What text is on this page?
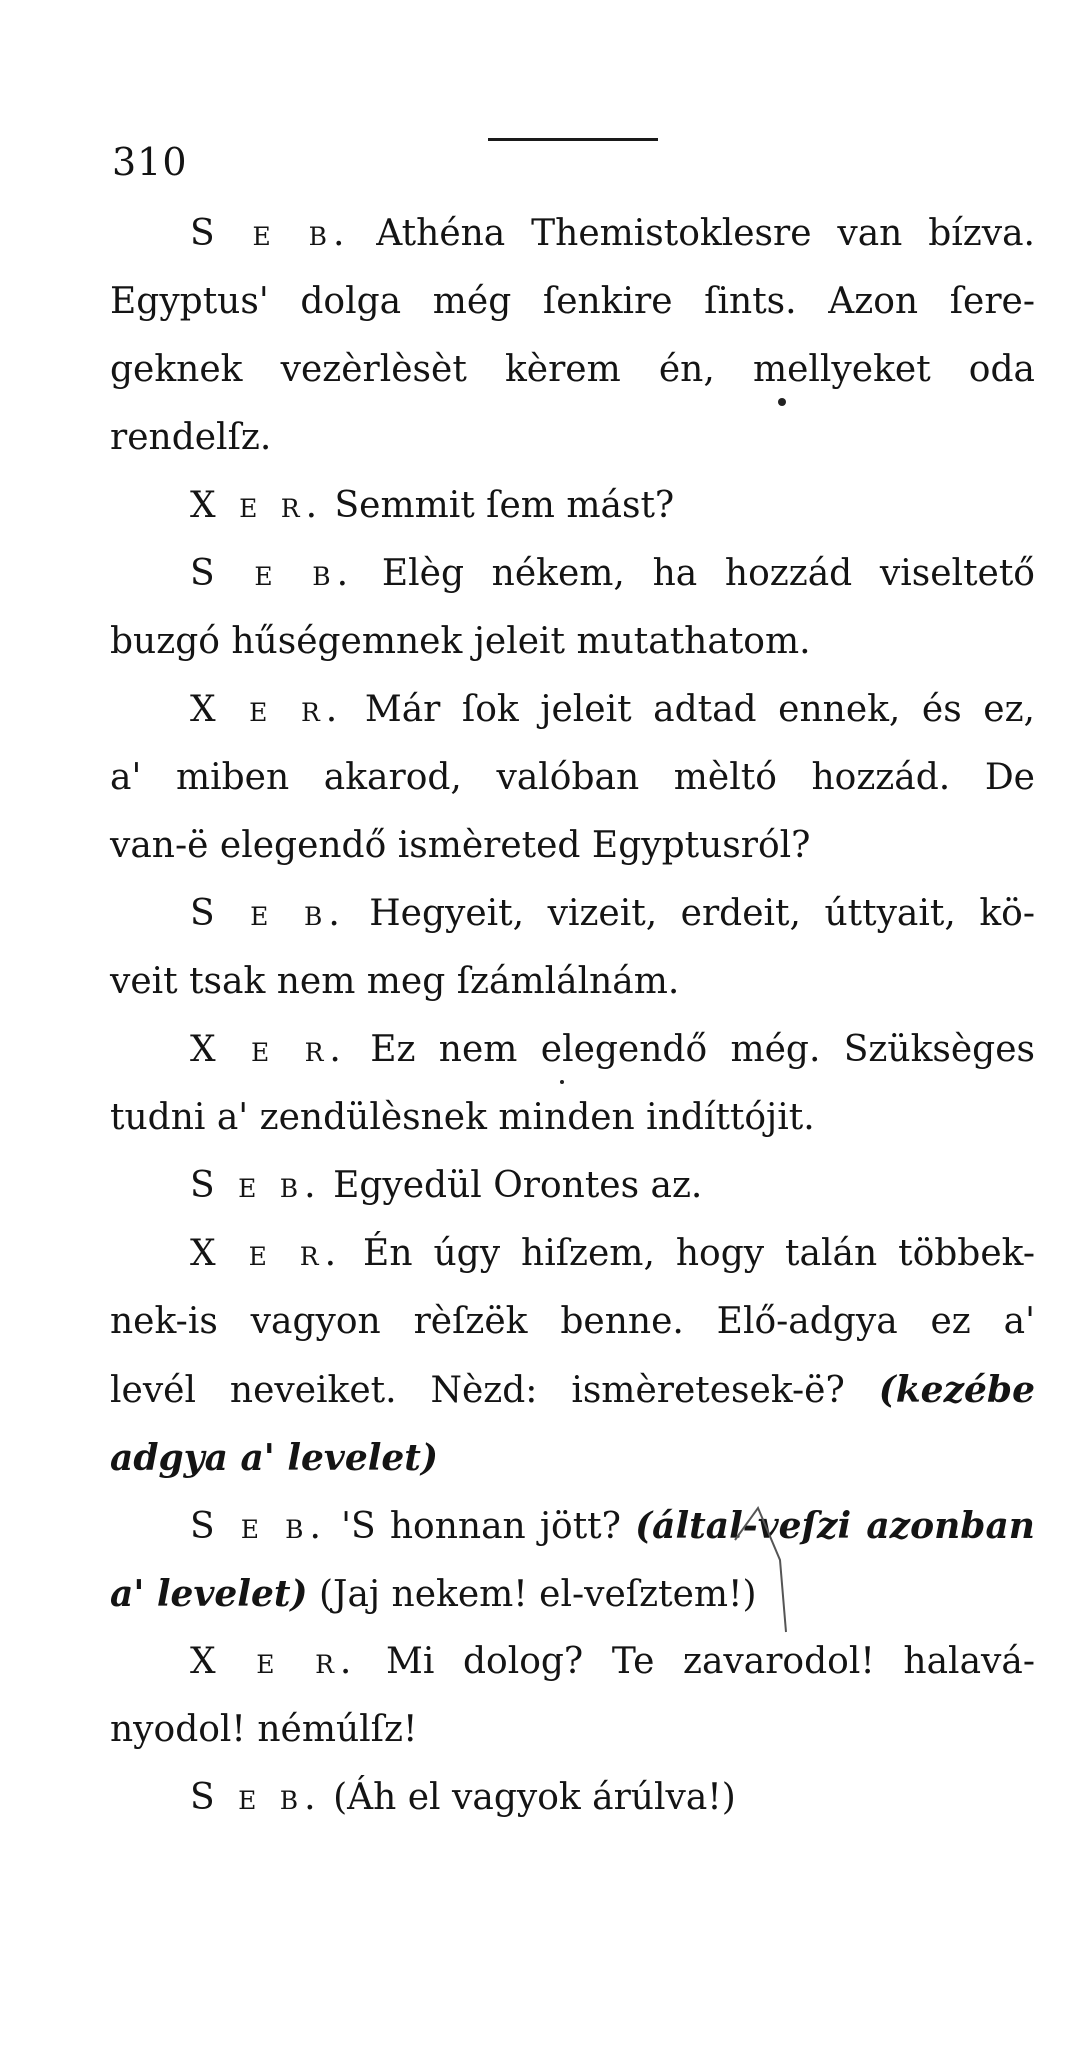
310
S e b. Athéna Themistoklesre van bízva.
Egyptus' dolga még ſenkire ſints. Azon ſere-
geknek vezèrlèsèt kèrem én, mellyeket oda
rendelſz.
X e r. Semmit ſem mást?
S e b. Elèg nékem, ha hozzád viseltető
buzgó hűségemnek jeleit mutathatom.
X e r. Már ſok jeleit adtad ennek, és ez,
a' miben akarod, valóban mèltó hozzád. De
van-ë elegendő ismèreted Egyptusról?
S e b. Hegyeit, vizeit, erdeit, úttyait, kö-
veit tsak nem meg ſzámlálnám.
X e r. Ez nem elegendő még. Szüksèges
tudni a' zendülèsnek minden indíttójit.
S e b. Egyedül Orontes az.
X e r. Én úgy hiſzem, hogy talán többek-
nek-is vagyon rèſzëk benne. Elő-adgya ez a'
levél neveiket. Nèzd: ismèretesek-ë? (kezébe
adgya a' levelet)
S e b. 'S honnan jött? (által-veſzi azonban
a' levelet) (Jaj nekem! el-veſztem!)
X e r. Mi dolog? Te zavarodol! halavá-
nyodol! némúlſz!
S e b. (Áh el vagyok árúlva!)
